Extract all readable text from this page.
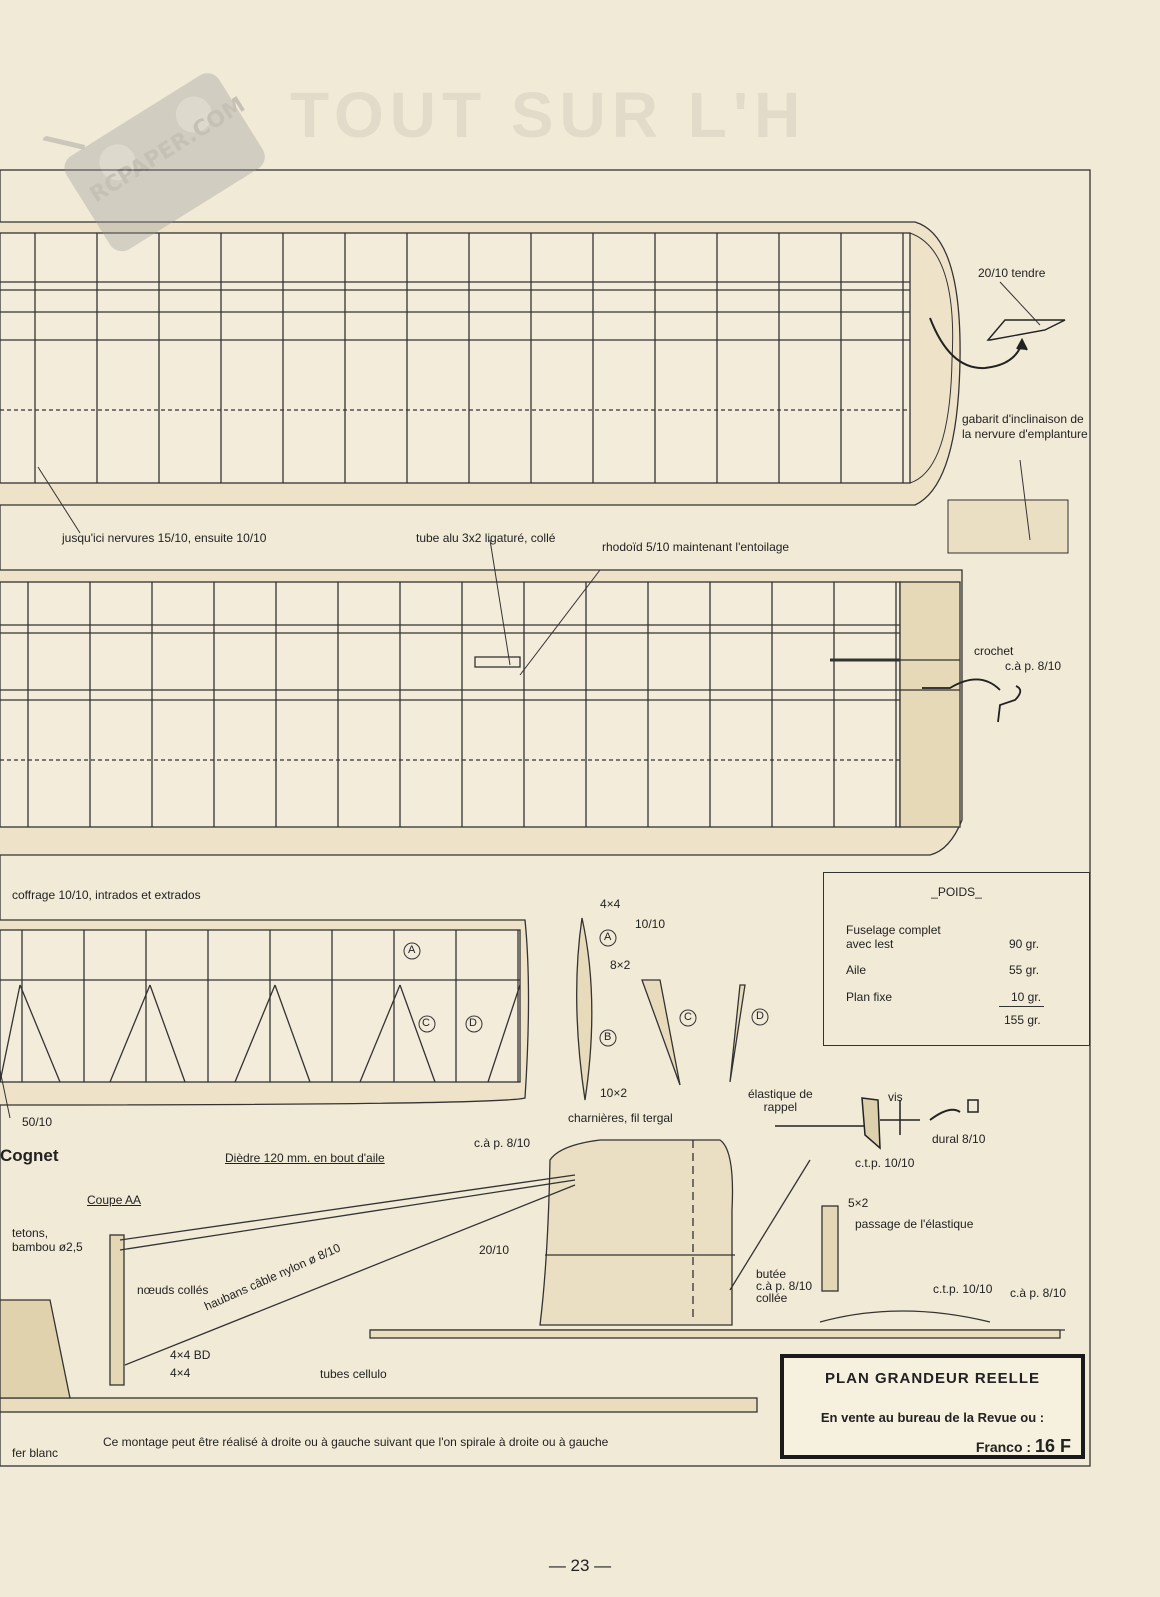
TOUT SUR L'H
RCPAPER.COM
20/10 tendre
gabarit d'inclinaison de la nervure d'emplanture
jusqu'ici nervures 15/10, ensuite 10/10	tube alu 3x2 ligaturé, collé
rhodoïd 5/10 maintenant l'entoilage
crochet
c.à p. 8/10
coffrage 10/10, intrados et extrados
4×4
10/10
8×2
10×2
50/10
A
C	D
A
B
C	D
_POIDS_
Fuselage complet
avec lest	90 gr.
Aile	55 gr.
Plan fixe	10 gr.
155 gr.
Cognet	Dièdre 120 mm. en bout d'aile
Coupe AA
tetons,
bambou ø2,5
nœuds collés
haubans câble nylon ø 8/10
4×4 BD
4×4
c.à p. 8/10
charnières, fil tergal
20/10
élastique de
rappel
vis
dural 8/10
c.t.p. 10/10
5×2
passage de l'élastique
butée
c.à p. 8/10
collée
c.t.p. 10/10 c.à p. 8/10
tubes cellulo
fer blanc
Ce montage peut être réalisé à droite ou à gauche suivant que l'on spirale à droite ou à gauche
PLAN GRANDEUR REELLE
En vente au bureau de la Revue ou :
Franco : 16 F
— 23 —
